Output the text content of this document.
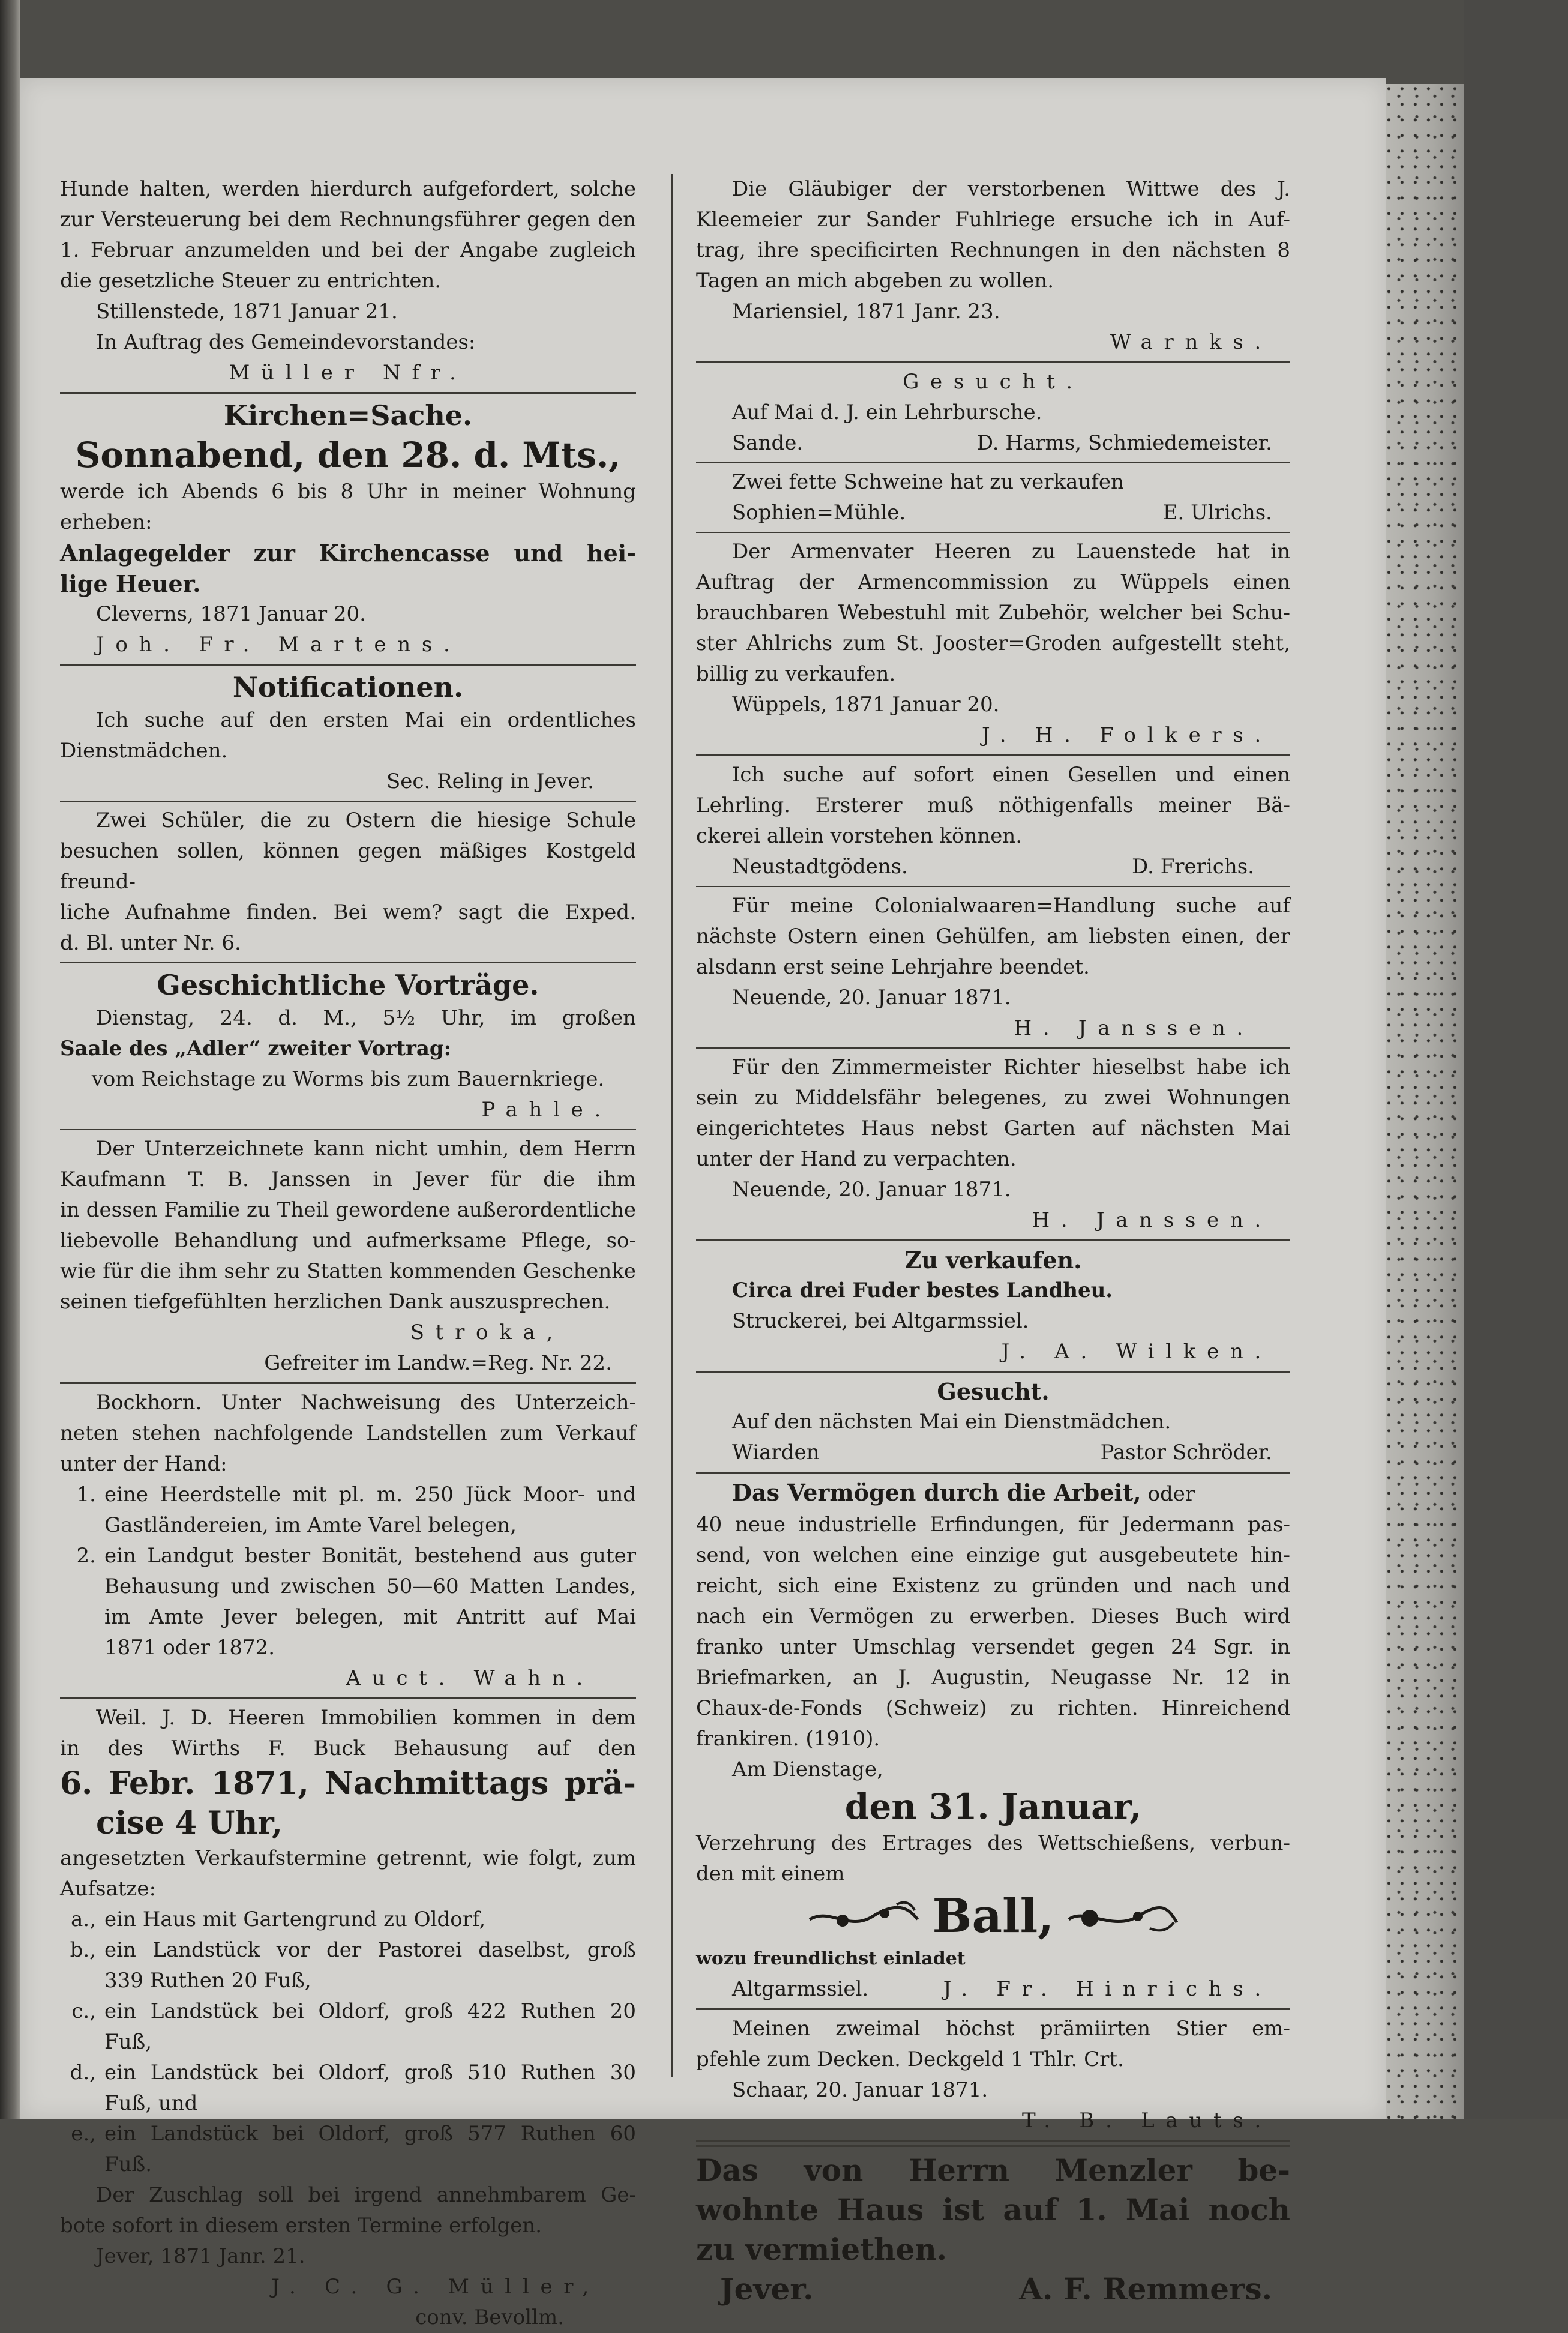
Hunde halten, werden hierdurch aufgefordert, solche

zur Versteuerung bei dem Rechnungsführer gegen den

1. Februar anzumelden und bei der Angabe zugleich

die gesetzliche Steuer zu entrichten.

Stillenstede, 1871 Januar 21.

In Auftrag des Gemeindevorstandes:

Müller Nfr.

Kirchen=Sache.

Sonnabend, den 28. d. Mts.,

werde ich Abends 6 bis 8 Uhr in meiner Wohnung

erheben:

Anlagegelder zur Kirchencasse und hei-

lige Heuer.

Cleverns, 1871 Januar 20.

Joh. Fr. Martens.

Notificationen.

Ich suche auf den ersten Mai ein ordentliches

Dienstmädchen.

Sec. Reling in Jever.

Zwei Schüler, die zu Ostern die hiesige Schule

besuchen sollen, können gegen mäßiges Kostgeld freund-

liche Aufnahme finden. Bei wem? sagt die Exped.

d. Bl. unter Nr. 6.

Geschichtliche Vorträge.

Dienstag, 24. d. M., 5½ Uhr, im großen

Saale des „Adler“ zweiter Vortrag:

vom Reichstage zu Worms bis zum Bauernkriege.

Pahle.

Der Unterzeichnete kann nicht umhin, dem Herrn

Kaufmann T. B. Janssen in Jever für die ihm

in dessen Familie zu Theil gewordene außerordentliche

liebevolle Behandlung und aufmerksame Pflege, so-

wie für die ihm sehr zu Statten kommenden Geschenke

seinen tiefgefühlten herzlichen Dank auszusprechen.

Stroka,

Gefreiter im Landw.=Reg. Nr. 22.

Bockhorn. Unter Nachweisung des Unterzeich-

neten stehen nachfolgende Landstellen zum Verkauf

unter der Hand:

1. eine Heerdstelle mit pl. m. 250 Jück Moor- und

Gastländereien, im Amte Varel belegen,

2. ein Landgut bester Bonität, bestehend aus guter

Behausung und zwischen 50—60 Matten Landes,

im Amte Jever belegen, mit Antritt auf Mai

1871 oder 1872.

Auct. Wahn.

Weil. J. D. Heeren Immobilien kommen in dem

in des Wirths F. Buck Behausung auf den

6. Febr. 1871, Nachmittags prä-

cise 4 Uhr,

angesetzten Verkaufstermine getrennt, wie folgt, zum

Aufsatze:

a., ein Haus mit Gartengrund zu Oldorf,

b., ein Landstück vor der Pastorei daselbst, groß

339 Ruthen 20 Fuß,

c., ein Landstück bei Oldorf, groß 422 Ruthen 20

Fuß,

d., ein Landstück bei Oldorf, groß 510 Ruthen 30

Fuß, und

e., ein Landstück bei Oldorf, groß 577 Ruthen 60

Fuß.

Der Zuschlag soll bei irgend annehmbarem Ge-

bote sofort in diesem ersten Termine erfolgen.

Jever, 1871 Janr. 21.

J. C. G. Müller,

conv. Bevollm.

Die Gläubiger der verstorbenen Wittwe des J.

Kleemeier zur Sander Fuhlriege ersuche ich in Auf-

trag, ihre specificirten Rechnungen in den nächsten 8

Tagen an mich abgeben zu wollen.

Mariensiel, 1871 Janr. 23.

Warnks.

Gesucht.

Auf Mai d. J. ein Lehrbursche.

Sande.	D. Harms, Schmiedemeister.

Zwei fette Schweine hat zu verkaufen

Sophien=Mühle.	E. Ulrichs.

Der Armenvater Heeren zu Lauenstede hat in

Auftrag der Armencommission zu Wüppels einen

brauchbaren Webestuhl mit Zubehör, welcher bei Schu-

ster Ahlrichs zum St. Jooster=Groden aufgestellt steht,

billig zu verkaufen.

Wüppels, 1871 Januar 20.

J. H. Folkers.

Ich suche auf sofort einen Gesellen und einen

Lehrling. Ersterer muß nöthigenfalls meiner Bä-

ckerei allein vorstehen können.

Neustadtgödens.	D. Frerichs.

Für meine Colonialwaaren=Handlung suche auf

nächste Ostern einen Gehülfen, am liebsten einen, der

alsdann erst seine Lehrjahre beendet.

Neuende, 20. Januar 1871.

H. Janssen.

Für den Zimmermeister Richter hieselbst habe ich

sein zu Middelsfähr belegenes, zu zwei Wohnungen

eingerichtetes Haus nebst Garten auf nächsten Mai

unter der Hand zu verpachten.

Neuende, 20. Januar 1871.

H. Janssen.

Zu verkaufen.

Circa drei Fuder bestes Landheu.

Struckerei, bei Altgarmssiel.

J. A. Wilken.

Gesucht.

Auf den nächsten Mai ein Dienstmädchen.

Wiarden	Pastor Schröder.

Das Vermögen durch die Arbeit, oder

40 neue industrielle Erfindungen, für Jedermann pas-

send, von welchen eine einzige gut ausgebeutete hin-

reicht, sich eine Existenz zu gründen und nach und

nach ein Vermögen zu erwerben. Dieses Buch wird

franko unter Umschlag versendet gegen 24 Sgr. in

Briefmarken, an J. Augustin, Neugasse Nr. 12 in

Chaux-de-Fonds (Schweiz) zu richten. Hinreichend

frankiren. (1910).

Am Dienstage,

den 31. Januar,

Verzehrung des Ertrages des Wettschießens, verbun-

den mit einem

Ball,

wozu freundlichst einladet

Altgarmssiel.	J. Fr. Hinrichs.

Meinen zweimal höchst prämiirten Stier em-

pfehle zum Decken. Deckgeld 1 Thlr. Crt.

Schaar, 20. Januar 1871.

T. B. Lauts.

Das von Herrn Menzler be-

wohnte Haus ist auf 1. Mai noch

zu vermiethen.

Jever.	A. F. Remmers.
